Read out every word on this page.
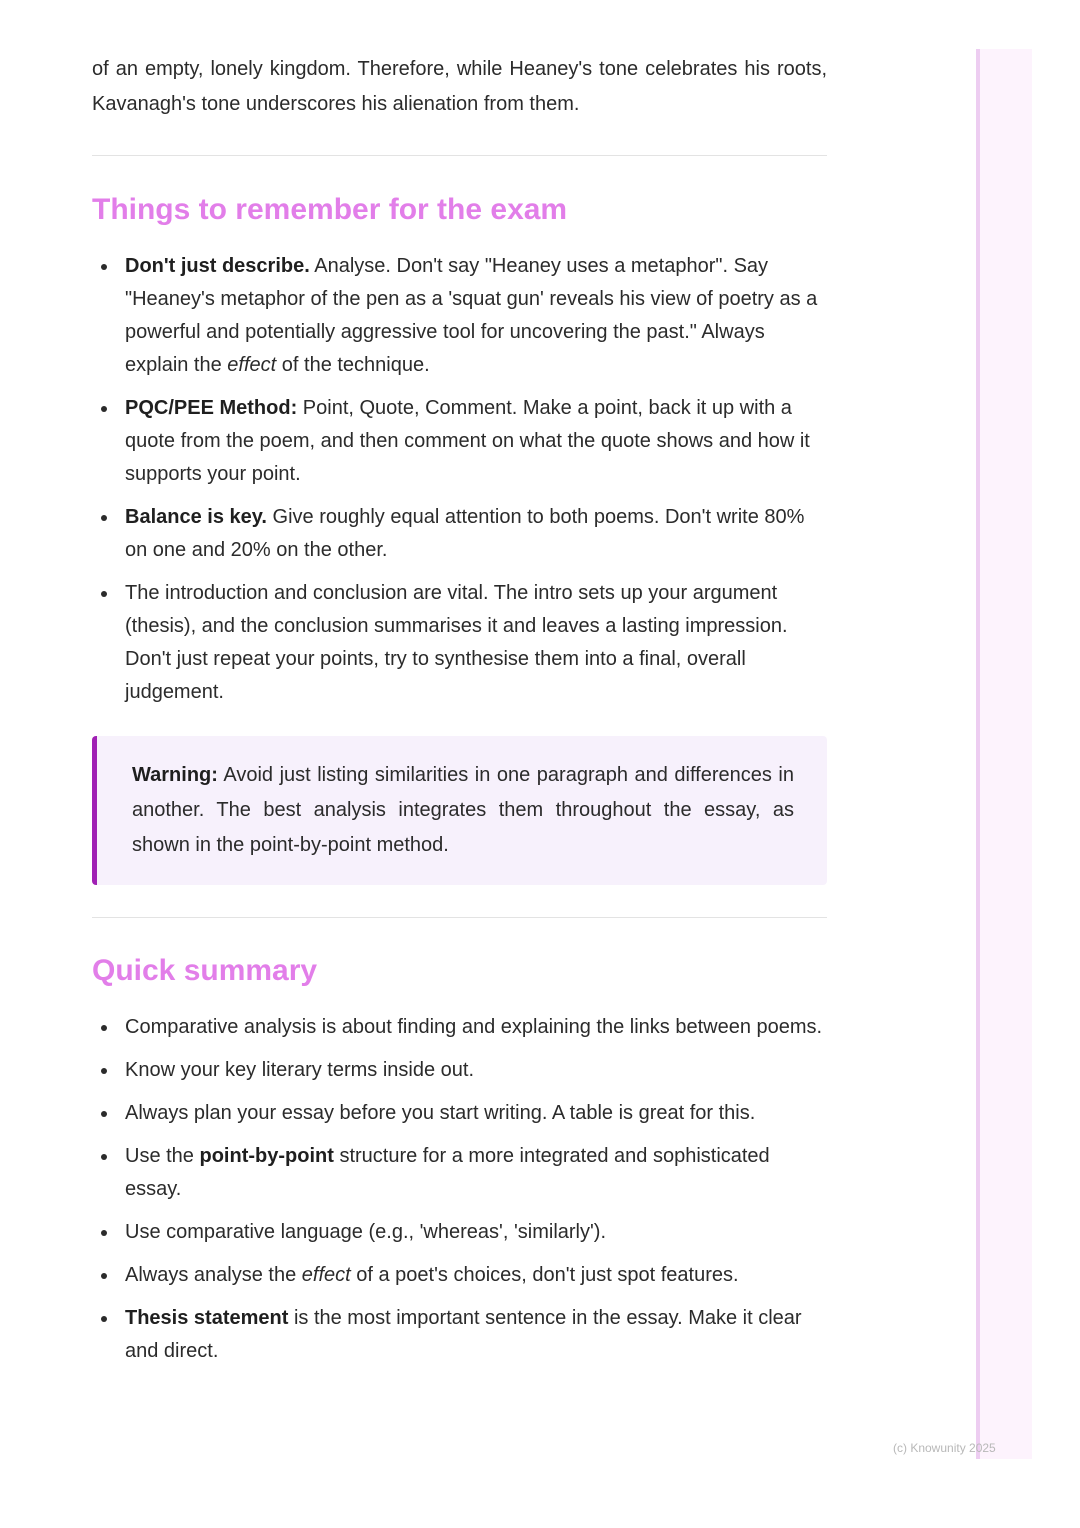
of an empty, lonely kingdom. Therefore, while Heaney's tone celebrates his roots, Kavanagh's tone underscores his alienation from them.

Things to remember for the exam
Don't just describe. Analyse. Don't say "Heaney uses a metaphor". Say "Heaney's metaphor of the pen as a 'squat gun' reveals his view of poetry as a powerful and potentially aggressive tool for uncovering the past." Always explain the effect of the technique.
PQC/PEE Method: Point, Quote, Comment. Make a point, back it up with a quote from the poem, and then comment on what the quote shows and how it supports your point.
Balance is key. Give roughly equal attention to both poems. Don't write 80% on one and 20% on the other.
The introduction and conclusion are vital. The intro sets up your argument (thesis), and the conclusion summarises it and leaves a lasting impression. Don't just repeat your points, try to synthesise them into a final, overall judgement.
Warning: Avoid just listing similarities in one paragraph and differences in another. The best analysis integrates them throughout the essay, as shown in the point-by-point method.
Quick summary
Comparative analysis is about finding and explaining the links between poems.
Know your key literary terms inside out.
Always plan your essay before you start writing. A table is great for this.
Use the point-by-point structure for a more integrated and sophisticated essay.
Use comparative language (e.g., 'whereas', 'similarly').
Always analyse the effect of a poet's choices, don't just spot features.
Thesis statement is the most important sentence in the essay. Make it clear and direct.
(c) Knowunity 2025
